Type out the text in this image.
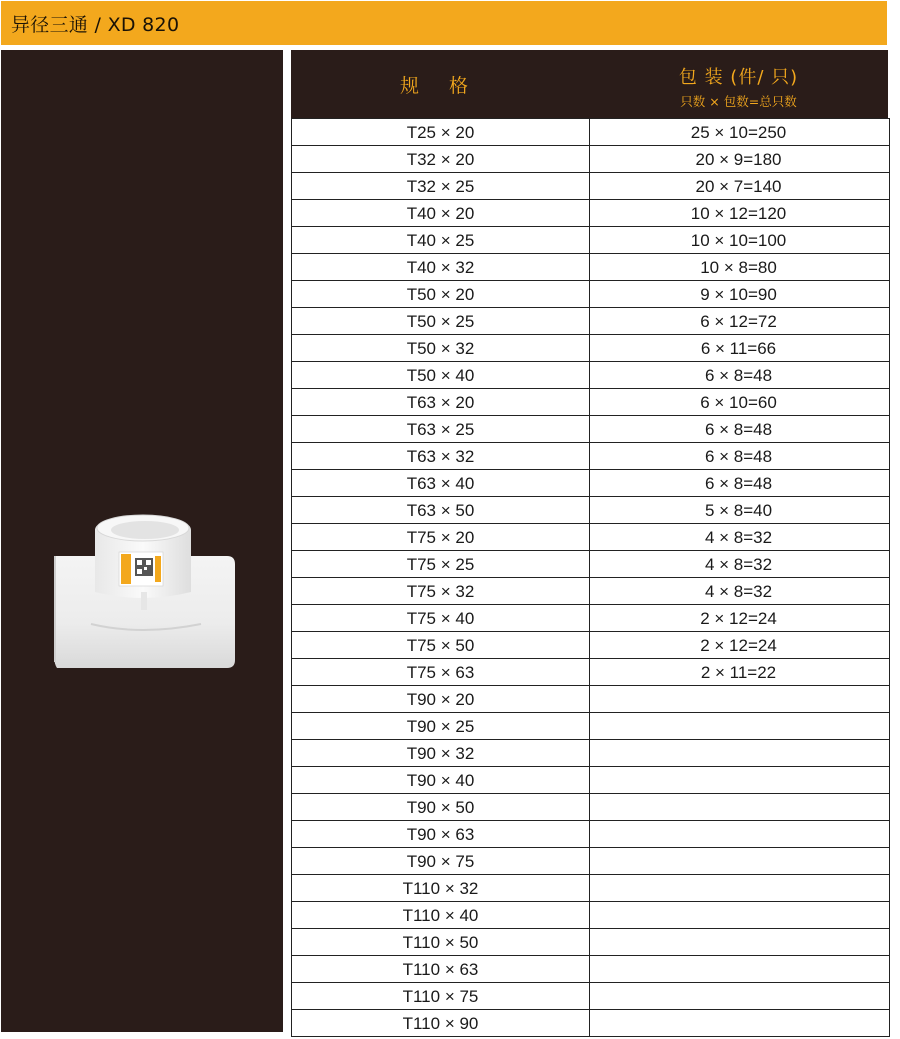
异径三通 / XD 820
规 格	包 装 (件/ 只)
只数 × 包数=总只数
T25 × 20	25 × 10=250
T32 × 20	20 × 9=180
T32 × 25	20 × 7=140
T40 × 20	10 × 12=120
T40 × 25	10 × 10=100
T40 × 32	10 × 8=80
T50 × 20	9 × 10=90
T50 × 25	6 × 12=72
T50 × 32	6 × 11=66
T50 × 40	6 × 8=48
T63 × 20	6 × 10=60
T63 × 25	6 × 8=48
T63 × 32	6 × 8=48
T63 × 40	6 × 8=48
T63 × 50	5 × 8=40
T75 × 20	4 × 8=32
T75 × 25	4 × 8=32
T75 × 32	4 × 8=32
T75 × 40	2 × 12=24
T75 × 50	2 × 12=24
T75 × 63	2 × 11=22
T90 × 20
T90 × 25
T90 × 32
T90 × 40
T90 × 50
T90 × 63
T90 × 75
T110 × 32
T110 × 40
T110 × 50
T110 × 63
T110 × 75
T110 × 90
